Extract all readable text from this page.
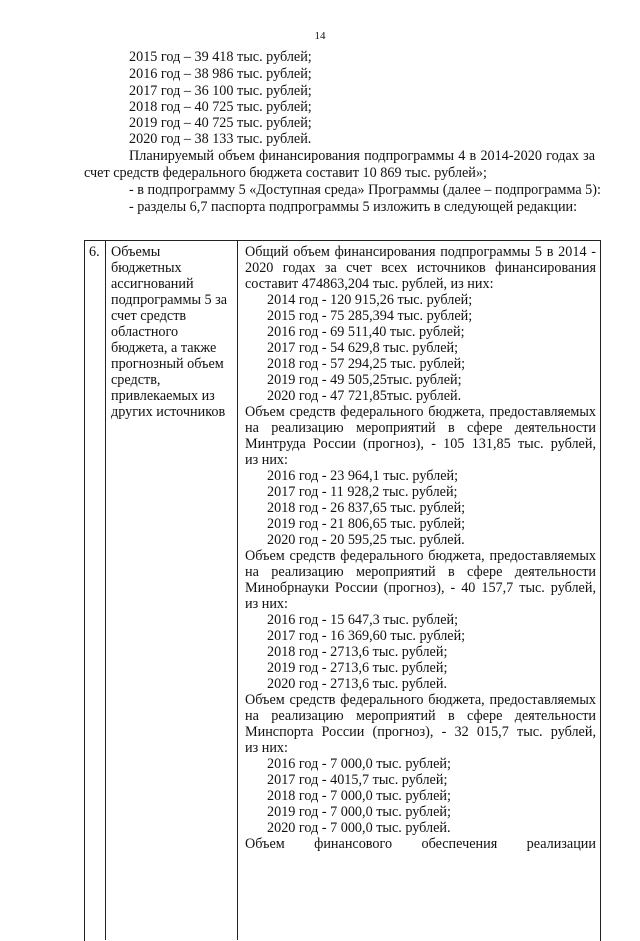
14
2015 год – 39 418 тыс. рублей;
2016 год – 38 986 тыс. рублей;
2017 год – 36 100 тыс. рублей;
2018 год – 40 725 тыс. рублей;
2019 год – 40 725 тыс. рублей;
2020 год – 38 133 тыс. рублей.
Планируемый объем финансирования подпрограммы 4 в 2014-2020 годах за
счет средств федерального бюджета составит 10 869 тыс. рублей»;
- в подпрограмму 5 «Доступная среда» Программы (далее – подпрограмма 5):
- разделы 6,7 паспорта подпрограммы 5 изложить в следующей редакции:
6. Объемы
бюджетных
ассигнований
подпрограммы 5 за
счет средств
областного
бюджета, а также
прогнозный объем
средств,
привлекаемых из
других источников
Общий объем финансирования подпрограммы 5 в 2014 -
2020 годах за счет всех источников финансирования
составит 474863,204 тыс. рублей, из них:
2014 год - 120 915,26 тыс. рублей;
2015 год - 75 285,394 тыс. рублей;
2016 год - 69 511,40 тыс. рублей;
2017 год - 54 629,8 тыс. рублей;
2018 год - 57 294,25 тыс. рублей;
2019 год - 49 505,25тыс. рублей;
2020 год - 47 721,85тыс. рублей.
Объем средств федерального бюджета, предоставляемых
на реализацию мероприятий в сфере деятельности
Минтруда России (прогноз), - 105 131,85 тыс. рублей,
из них:
2016 год - 23 964,1 тыс. рублей;
2017 год - 11 928,2 тыс. рублей;
2018 год - 26 837,65 тыс. рублей;
2019 год - 21 806,65 тыс. рублей;
2020 год - 20 595,25 тыс. рублей.
Объем средств федерального бюджета, предоставляемых
на реализацию мероприятий в сфере деятельности
Минобрнауки России (прогноз), - 40 157,7 тыс. рублей,
из них:
2016 год - 15 647,3 тыс. рублей;
2017 год - 16 369,60 тыс. рублей;
2018 год - 2713,6 тыс. рублей;
2019 год - 2713,6 тыс. рублей;
2020 год - 2713,6 тыс. рублей.
Объем средств федерального бюджета, предоставляемых
на реализацию мероприятий в сфере деятельности
Минспорта России (прогноз), - 32 015,7 тыс. рублей,
из них:
2016 год - 7 000,0 тыс. рублей;
2017 год - 4015,7 тыс. рублей;
2018 год - 7 000,0 тыс. рублей;
2019 год - 7 000,0 тыс. рублей;
2020 год - 7 000,0 тыс. рублей.
Объем финансового обеспечения реализации
